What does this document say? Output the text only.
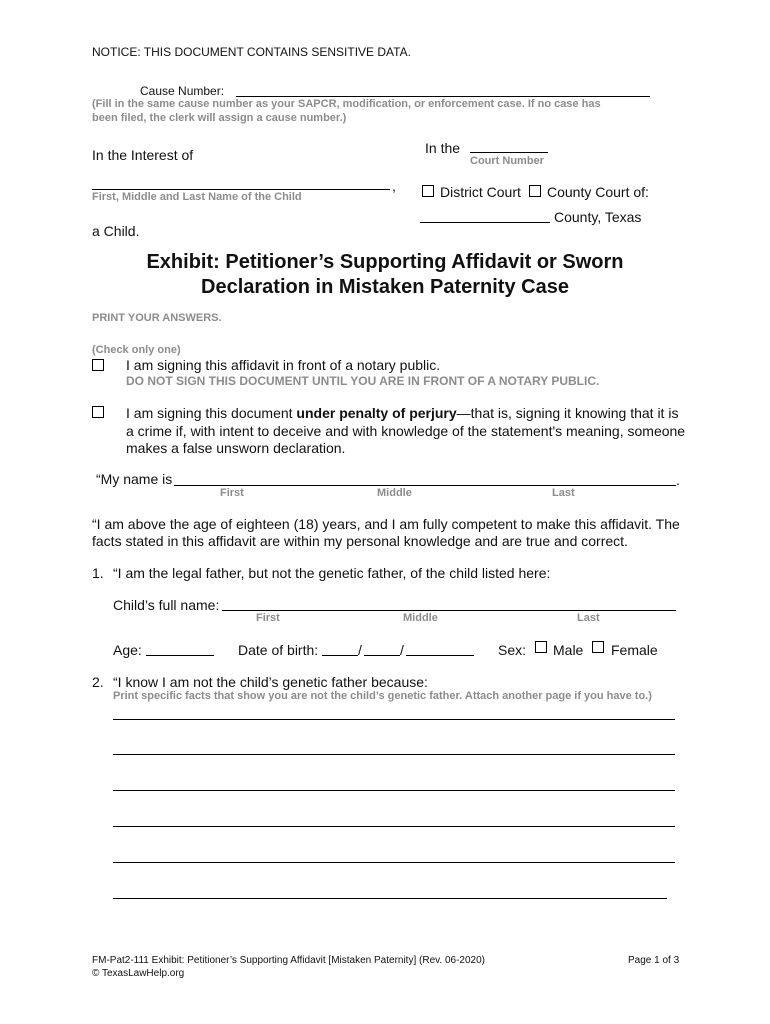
NOTICE: THIS DOCUMENT CONTAINS SENSITIVE DATA.
Cause Number:
(Fill in the same cause number as your SAPCR, modification, or enforcement case. If no case has
been filed, the clerk will assign a cause number.)
In the Interest of
,
First, Middle and Last Name of the Child
a Child.
In the
Court Number
District Court County Court of:
County, Texas
Exhibit: Petitioner’s Supporting Affidavit or Sworn
Declaration in Mistaken Paternity Case
PRINT YOUR ANSWERS.
(Check only one)
I am signing this affidavit in front of a notary public.
DO NOT SIGN THIS DOCUMENT UNTIL YOU ARE IN FRONT OF A NOTARY PUBLIC.
I am signing this document under penalty of perjury—that is, signing it knowing that it is
a crime if, with intent to deceive and with knowledge of the statement's meaning, someone
makes a false unsworn declaration.
“My name is	.
First	Middle	Last
“I am above the age of eighteen (18) years, and I am fully competent to make this affidavit. The
facts stated in this affidavit are within my personal knowledge and are true and correct.
1. “I am the legal father, but not the genetic father, of the child listed here:
Child’s full name:
First	Middle	Last
Age:	Date of birth:	/	/	Sex: Male Female
2. “I know I am not the child’s genetic father because:
Print specific facts that show you are not the child’s genetic father. Attach another page if you have to.)
FM-Pat2-111 Exhibit: Petitioner’s Supporting Affidavit [Mistaken Paternity] (Rev. 06-2020)
© TexasLawHelp.org
Page 1 of 3
